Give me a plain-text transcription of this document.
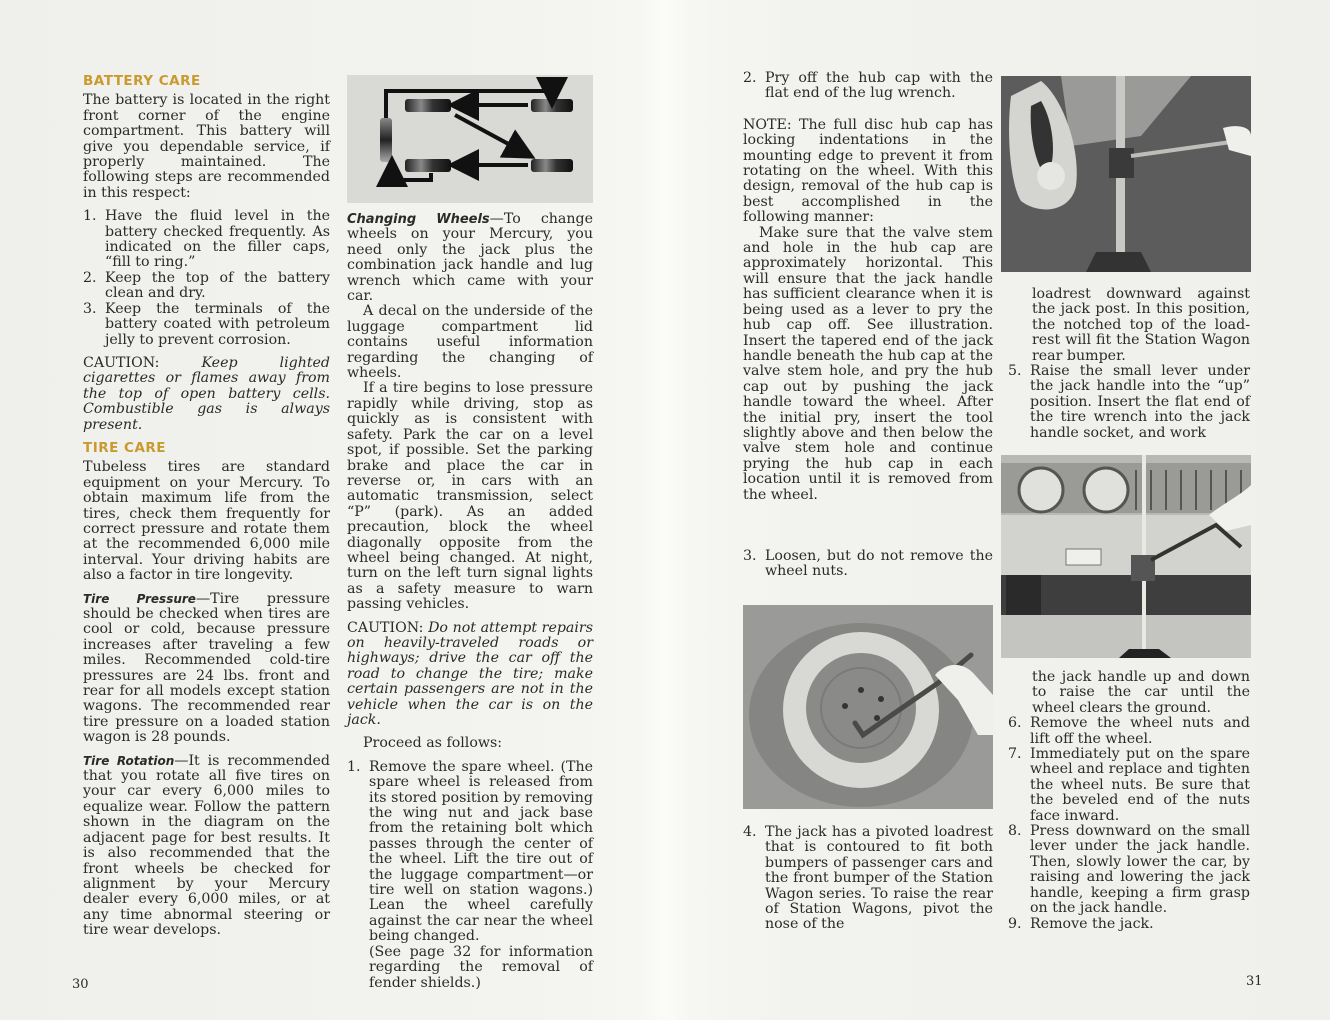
BATTERY CARE

The battery is located in the right front corner of the engine compartment. This battery will give you dependable service, if properly maintained. The following steps are recommended in this respect:

1. Have the fluid level in the battery checked frequently. As indicated on the filler caps, “fill to ring.”
2. Keep the top of the battery clean and dry.
3. Keep the terminals of the battery coated with petroleum jelly to prevent corrosion.

CAUTION:	Keep lighted cigarettes or flames away from the top of open battery cells. Combustible gas is always present.

TIRE CARE

Tubeless tires are standard equipment on your Mercury. To obtain maximum life from the tires, check them frequently for correct pressure and rotate them at the recommended 6,000 mile interval. Your driving habits are also a factor in tire longevity.

Tire Pressure—Tire pressure should be checked when tires are cool or cold, because pressure increases after traveling a few miles. Recommended cold-tire pressures are 24 lbs. front and rear for all models except station wagons. The recommended rear tire pressure on a loaded station wagon is 28 pounds.

Tire Rotation—It is recommended that you rotate all five tires on your car every 6,000 miles to equalize wear. Follow the pattern shown in the diagram on the adjacent page for best results. It is also recommended that the front wheels be checked for alignment by your Mercury dealer every 6,000 miles, or at any time abnormal steering or tire wear develops.

Changing Wheels—To change wheels on your Mercury, you need only the jack plus the combination jack handle and lug wrench which came with your car.

A decal on the underside of the luggage compartment lid contains useful information regarding the changing of wheels.

If a tire begins to lose pressure rapidly while driving, stop as quickly as is consistent with safety. Park the car on a level spot, if possible. Set the parking brake and place the car in reverse or, in cars with an automatic transmission, select “P” (park). As an added precaution, block the wheel diagonally opposite from the wheel being changed. At night, turn on the left turn signal lights as a safety measure to warn passing vehicles.

CAUTION: Do not attempt repairs on heavily-traveled roads or highways; drive the car off the road to change the tire; make certain passengers are not in the vehicle when the car is on the jack.

Proceed as follows:

1. Remove the spare wheel. (The spare wheel is released from its stored position by removing the wing nut and jack base from the retaining bolt which passes through the center of the wheel. Lift the tire out of the luggage compartment—or tire well on station wagons.) Lean the wheel carefully against the car near the wheel being changed.
(See page 32 for information regarding the removal of fender shields.)
30
2. Pry off the hub cap with the flat end of the lug wrench.

NOTE: The full disc hub cap has locking indentations in the mounting edge to prevent it from rotating on the wheel. With this design, removal of the hub cap is best accomplished in the following manner:

Make sure that the valve stem and hole in the hub cap are approximately horizontal. This will ensure that the jack handle has sufficient clearance when it is being used as a lever to pry the hub cap off. See illustration. Insert the tapered end of the jack handle beneath the hub cap at the valve stem hole, and pry the hub cap out by pushing the jack handle toward the wheel. After the initial pry, insert the tool slightly above and then below the valve stem hole and continue prying the hub cap in each location until it is removed from the wheel.

3. Loosen, but do not remove the wheel nuts.
4. The jack has a pivoted loadrest that is contoured to fit both bumpers of passenger cars and the front bumper of the Station Wagon series. To raise the rear of Station Wagons, pivot the nose of the

loadrest downward against the jack post. In this position, the notched top of the load-rest will fit the Station Wagon rear bumper.

5. Raise the small lever under the jack handle into the “up” position. Insert the flat end of the tire wrench into the jack handle socket, and work

the jack handle up and down to raise the car until the wheel clears the ground.

6. Remove the wheel nuts and lift off the wheel.
7. Immediately put on the spare wheel and replace and tighten the wheel nuts. Be sure that the beveled end of the nuts face inward.
8. Press downward on the small lever under the jack handle. Then, slowly lower the car, by raising and lowering the jack handle, keeping a firm grasp on the jack handle.
9. Remove the jack.
31
